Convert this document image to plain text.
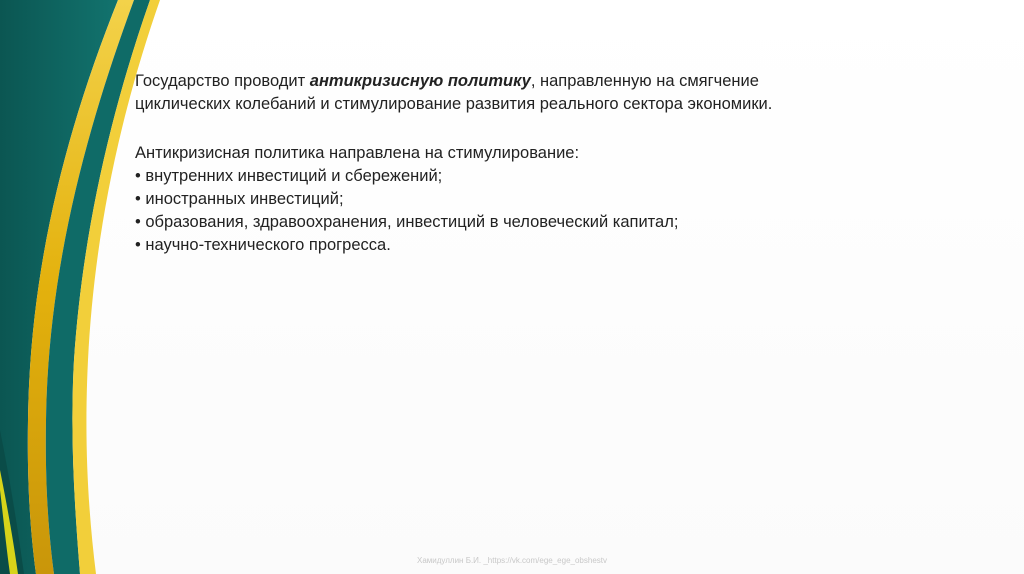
Государство проводит антикризисную политику, направленную на смягчение
циклических колебаний и стимулирование развития реального сектора экономики.

Антикризисная политика направлена на стимулирование:
• внутренних инвестиций и сбережений;
• иностранных инвестиций;
• образования, здравоохранения, инвестиций в человеческий капитал;
• научно-технического прогресса.
Хамидуллин Б.И. _https://vk.com/ege_ege_obshestv
